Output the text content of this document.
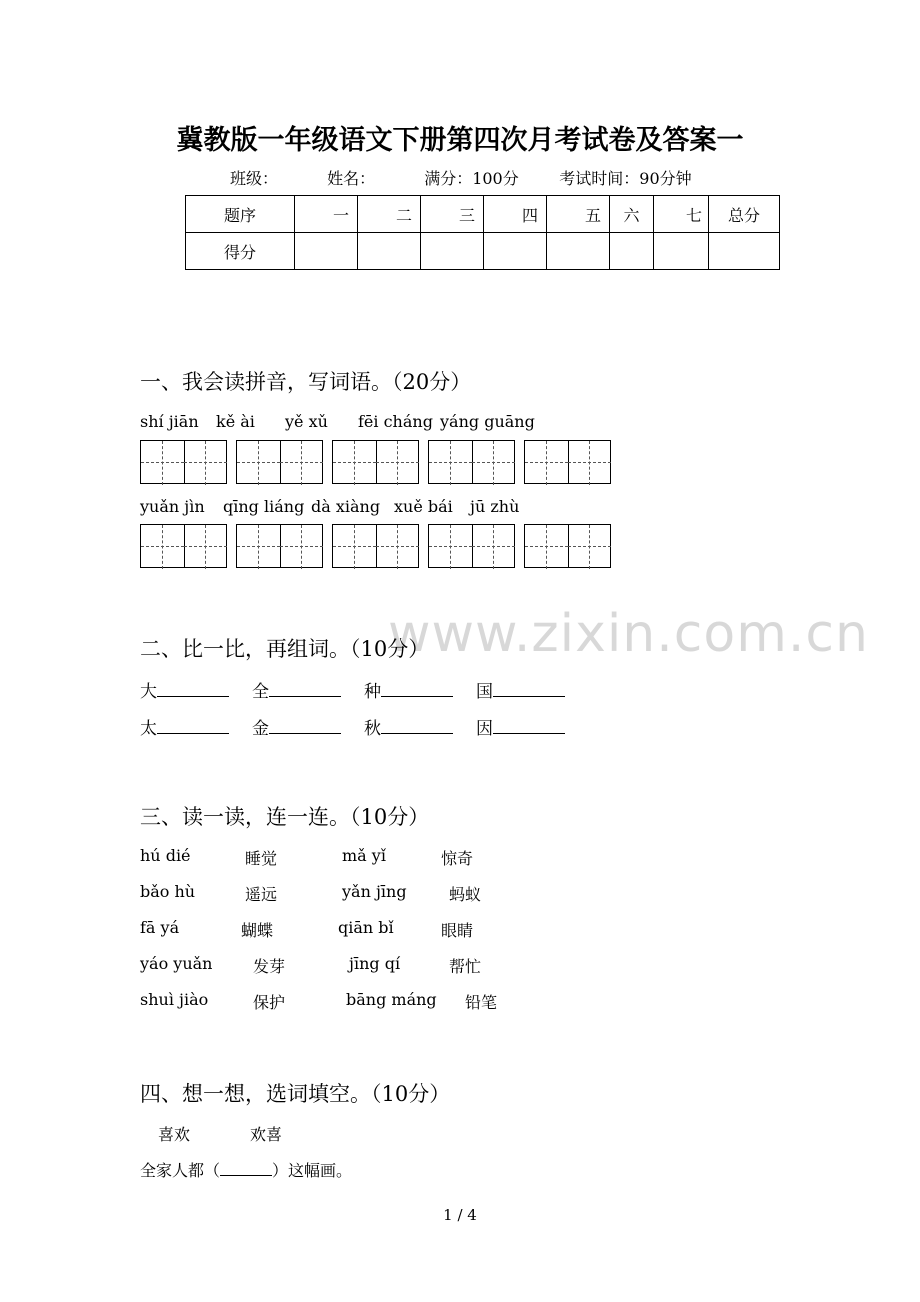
冀教版一年级语文下册第四次月考试卷及答案一
班级：	姓名：	满分：100分	考试时间：90分钟
题序	一	二	三	四	五	六	七	总分
得分								
一、我会读拼音，写词语。（20分）
shí jiān kě ài yě xǔ fēi cháng yáng guāng
yuǎn jìn qīng liáng dà xiàng xuě bái jū zhù
www.zixin.com.cn
二、比一比，再组词。（10分）
大	全	种	国
太	金	秋	因
三、读一读，连一连。（10分）
hú dié	睡觉	mǎ yǐ	惊奇
bǎo hù	遥远	yǎn jīng	蚂蚁
fā yá	蝴蝶	qiān bǐ	眼睛
yáo yuǎn	发芽	jīng qí	帮忙
shuì jiào	保护	bāng máng 铅笔
四、想一想，选词填空。（10分）
喜欢	欢喜
全家人都（	）这幅画。
1 / 4
